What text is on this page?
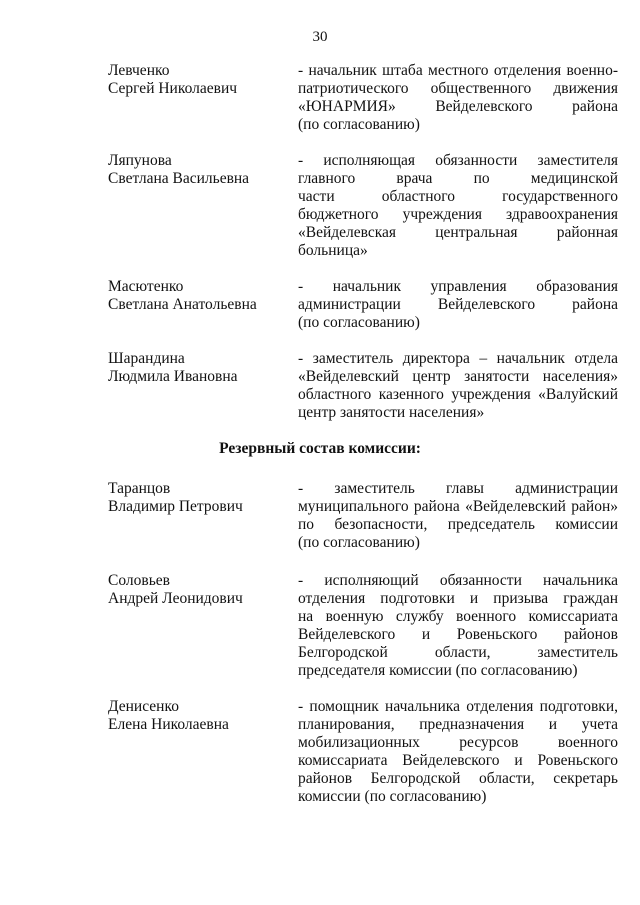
30
Левченко
Сергей Николаевич
- начальник штаба местного отделения военно-
патриотического общественного движения
«ЮНАРМИЯ» Вейделевского района
(по согласованию)
Ляпунова
Светлана Васильевна
- исполняющая обязанности заместителя
главного врача по медицинской
части областного государственного
бюджетного учреждения здравоохранения
«Вейделевская центральная районная
больница»
Масютенко
Светлана Анатольевна
- начальник управления образования
администрации Вейделевского района
(по согласованию)
Шарандина
Людмила Ивановна
- заместитель директора – начальник отдела
«Вейделевский центр занятости населения»
областного казенного учреждения «Валуйский
центр занятости населения»
Резервный состав комиссии:
Таранцов
Владимир Петрович
- заместитель главы администрации
муниципального района «Вейделевский район»
по безопасности, председатель комиссии
(по согласованию)
Соловьев
Андрей Леонидович
- исполняющий обязанности начальника
отделения подготовки и призыва граждан
на военную службу военного комиссариата
Вейделевского и Ровеньского районов
Белгородской области, заместитель
председателя комиссии (по согласованию)
Денисенко
Елена Николаевна
- помощник начальника отделения подготовки,
планирования, предназначения и учета
мобилизационных ресурсов военного
комиссариата Вейделевского и Ровеньского
районов Белгородской области, секретарь
комиссии (по согласованию)
